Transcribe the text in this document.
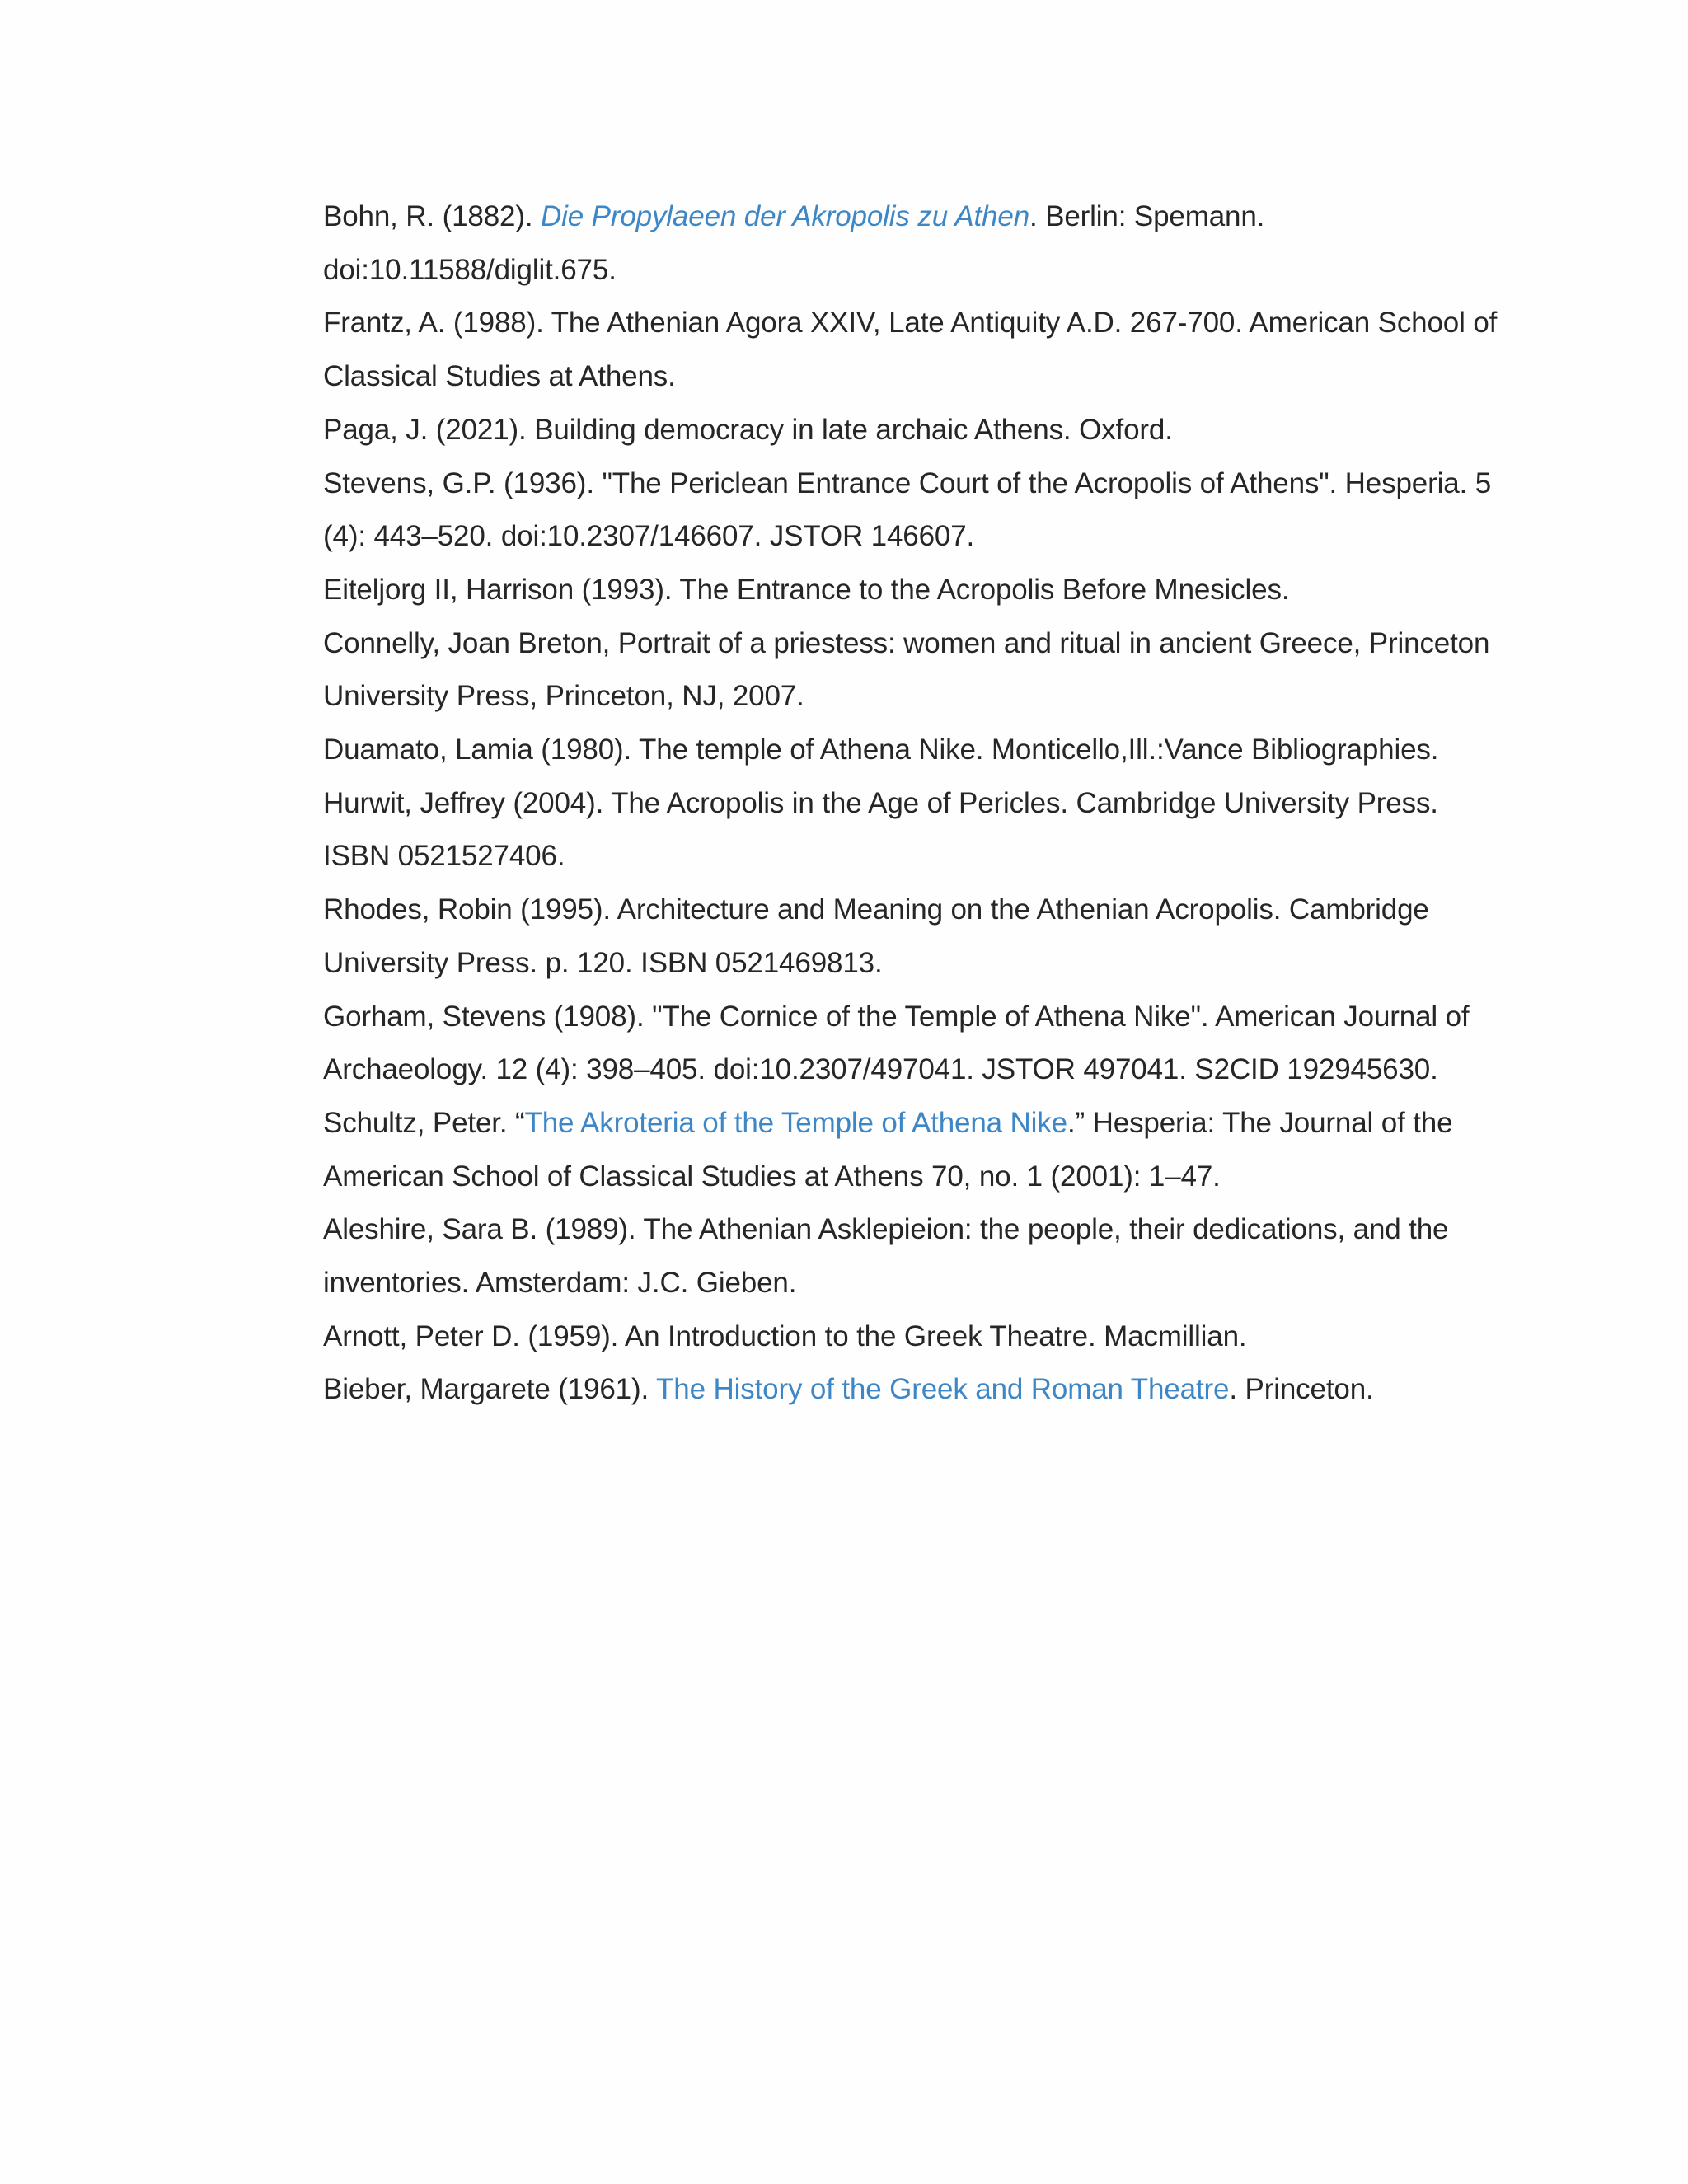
Bohn, R. (1882). Die Propylaeen der Akropolis zu Athen. Berlin: Spemann. doi:10.11588/diglit.675.

Frantz, A. (1988). The Athenian Agora XXIV, Late Antiquity A.D. 267-700. American School of Classical Studies at Athens.

Paga, J. (2021). Building democracy in late archaic Athens. Oxford.

Stevens, G.P. (1936). "The Periclean Entrance Court of the Acropolis of Athens". Hesperia. 5 (4): 443–520. doi:10.2307/146607. JSTOR 146607.

Eiteljorg II, Harrison (1993). The Entrance to the Acropolis Before Mnesicles.

Connelly, Joan Breton, Portrait of a priestess: women and ritual in ancient Greece, Princeton University Press, Princeton, NJ, 2007.

Duamato, Lamia (1980). The temple of Athena Nike. Monticello,Ill.:Vance Bibliographies.

Hurwit, Jeffrey (2004). The Acropolis in the Age of Pericles. Cambridge University Press. ISBN 0521527406.

Rhodes, Robin (1995). Architecture and Meaning on the Athenian Acropolis. Cambridge University Press. p. 120. ISBN 0521469813.

Gorham, Stevens (1908). "The Cornice of the Temple of Athena Nike". American Journal of Archaeology. 12 (4): 398–405. doi:10.2307/497041. JSTOR 497041. S2CID 192945630.

Schultz, Peter. “The Akroteria of the Temple of Athena Nike.” Hesperia: The Journal of the American School of Classical Studies at Athens 70, no. 1 (2001): 1–47.

Aleshire, Sara B. (1989). The Athenian Asklepieion: the people, their dedications, and the inventories. Amsterdam: J.C. Gieben.

Arnott, Peter D. (1959). An Introduction to the Greek Theatre. Macmillian.

Bieber, Margarete (1961). The History of the Greek and Roman Theatre. Princeton.
